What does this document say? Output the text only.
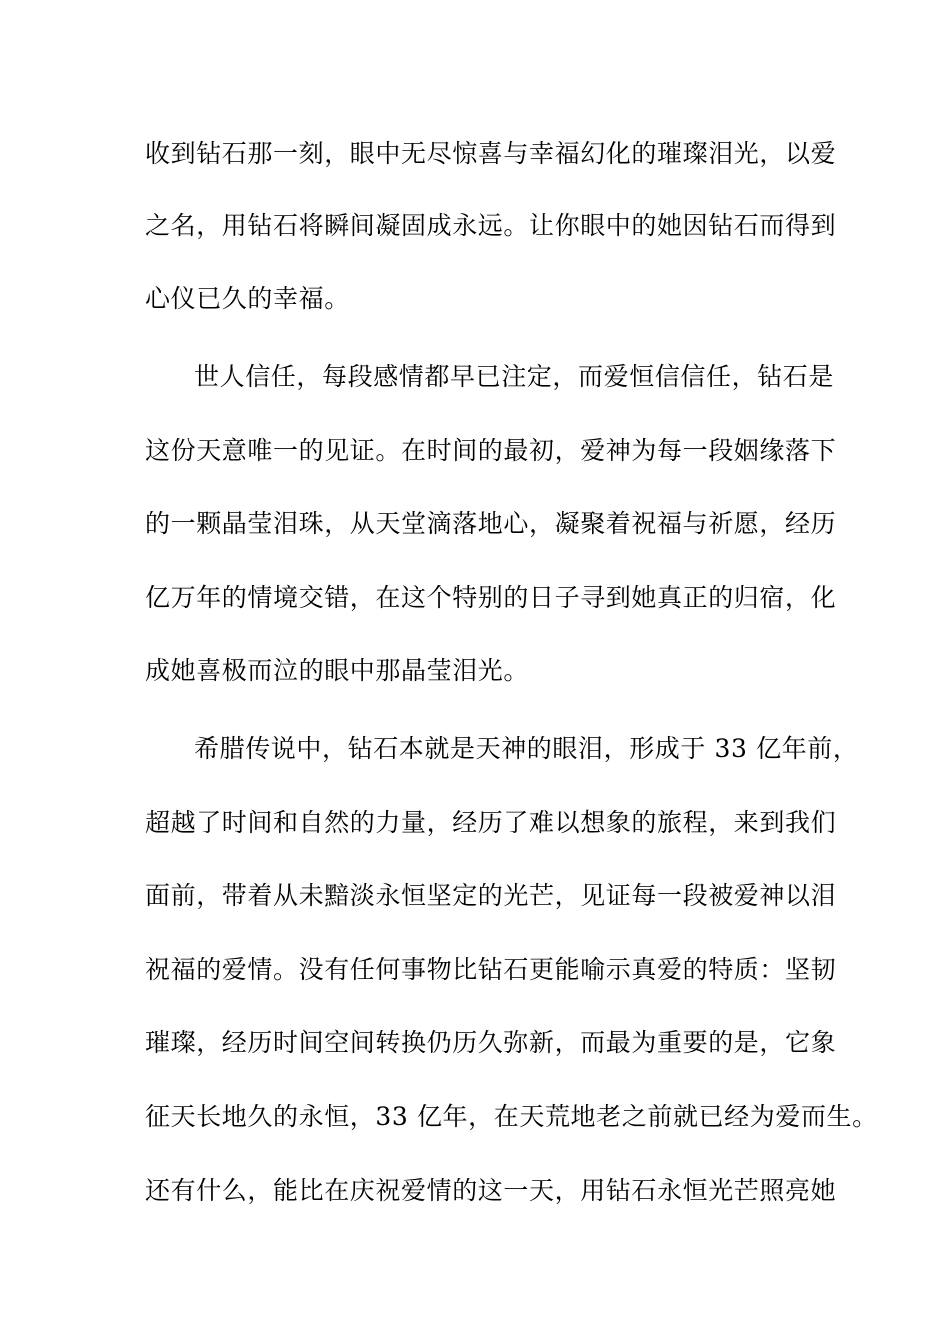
收到钻石那一刻，眼中无尽惊喜与幸福幻化的璀璨泪光，以爱
之名，用钻石将瞬间凝固成永远。让你眼中的她因钻石而得到
心仪已久的幸福。
世人信任，每段感情都早已注定，而爱恒信信任，钻石是
这份天意唯一的见证。在时间的最初，爱神为每一段姻缘落下
的一颗晶莹泪珠，从天堂滴落地心，凝聚着祝福与祈愿，经历
亿万年的情境交错，在这个特别的日子寻到她真正的归宿，化
成她喜极而泣的眼中那晶莹泪光。
希腊传说中，钻石本就是天神的眼泪，形成于 33 亿年前，
超越了时间和自然的力量，经历了难以想象的旅程，来到我们
面前，带着从未黯淡永恒坚定的光芒，见证每一段被爱神以泪
祝福的爱情。没有任何事物比钻石更能喻示真爱的特质：坚韧
璀璨，经历时间空间转换仍历久弥新，而最为重要的是，它象
征天长地久的永恒，33 亿年，在天荒地老之前就已经为爱而生。
还有什么，能比在庆祝爱情的这一天，用钻石永恒光芒照亮她
